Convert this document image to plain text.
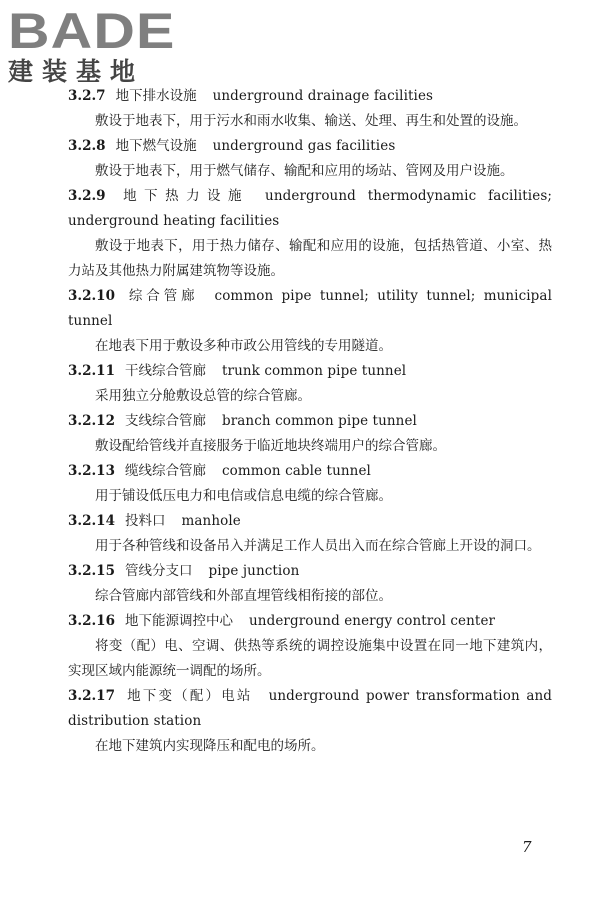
BADE
建装基地
3.2.7 地下排水设施 underground drainage facilities
敷设于地表下，用于污水和雨水收集、输送、处理、再生和处置的设施。
3.2.8 地下燃气设施 underground gas facilities
敷设于地表下，用于燃气储存、输配和应用的场站、管网及用户设施。
3.2.9 地下热力设施 underground thermodynamic facilities; underground heating facilities
敷设于地表下，用于热力储存、输配和应用的设施，包括热管道、小室、热力站及其他热力附属建筑物等设施。
3.2.10 综合管廊 common pipe tunnel; utility tunnel; municipal tunnel
在地表下用于敷设多种市政公用管线的专用隧道。
3.2.11 干线综合管廊 trunk common pipe tunnel
采用独立分舱敷设总管的综合管廊。
3.2.12 支线综合管廊 branch common pipe tunnel
敷设配给管线并直接服务于临近地块终端用户的综合管廊。
3.2.13 缆线综合管廊 common cable tunnel
用于铺设低压电力和电信或信息电缆的综合管廊。
3.2.14 投料口 manhole
用于各种管线和设备吊入并满足工作人员出入而在综合管廊上开设的洞口。
3.2.15 管线分支口 pipe junction
综合管廊内部管线和外部直埋管线相衔接的部位。
3.2.16 地下能源调控中心 underground energy control center
将变（配）电、空调、供热等系统的调控设施集中设置在同一地下建筑内，实现区域内能源统一调配的场所。
3.2.17 地下变（配）电站 underground power transformation and distribution station
在地下建筑内实现降压和配电的场所。
7
